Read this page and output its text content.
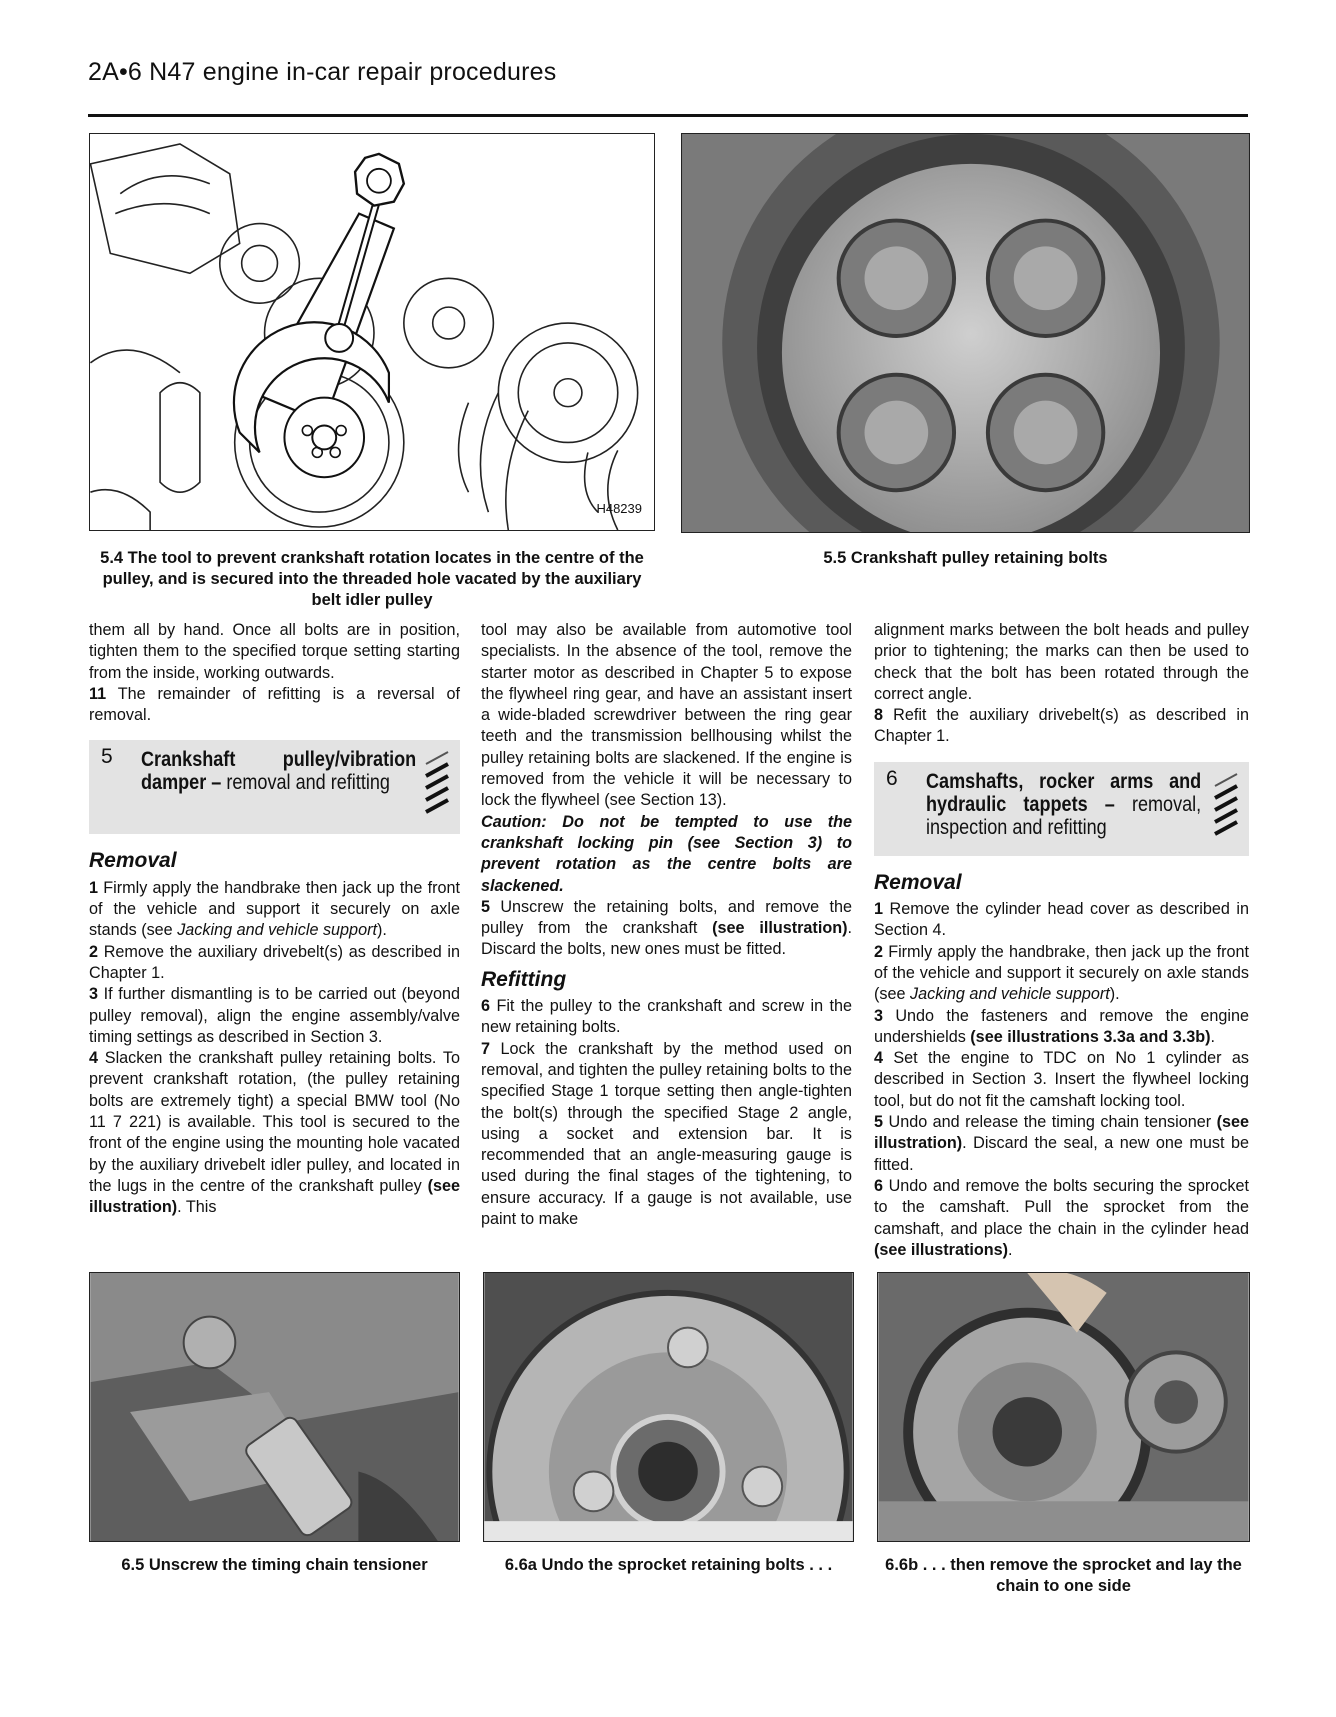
2A•6 N47 engine in-car repair procedures
H48239
5.4 The tool to prevent crankshaft rotation locates in the centre of the pulley, and is secured into the threaded hole vacated by the auxiliary belt idler pulley
5.5 Crankshaft pulley retaining bolts

them all by hand. Once all bolts are in position, tighten them to the specified torque setting starting from the inside, working outwards.

11 The remainder of refitting is a reversal of removal.

5 Crankshaft pulley/vibration damper – removal and refitting
Removal

1 Firmly apply the handbrake then jack up the front of the vehicle and support it securely on axle stands (see Jacking and vehicle support).

2 Remove the auxiliary drivebelt(s) as described in Chapter 1.

3 If further dismantling is to be carried out (beyond pulley removal), align the engine assembly/valve timing settings as described in Section 3.

4 Slacken the crankshaft pulley retaining bolts. To prevent crankshaft rotation, (the pulley retaining bolts are extremely tight) a special BMW tool (No 11 7 221) is available. This tool is secured to the front of the engine using the mounting hole vacated by the auxiliary drivebelt idler pulley, and located in the lugs in the centre of the crankshaft pulley (see illustration). This

tool may also be available from automotive tool specialists. In the absence of the tool, remove the starter motor as described in Chapter 5 to expose the flywheel ring gear, and have an assistant insert a wide-bladed screwdriver between the ring gear teeth and the transmission bellhousing whilst the pulley retaining bolts are slackened. If the engine is removed from the vehicle it will be necessary to lock the flywheel (see Section 13).

Caution: Do not be tempted to use the crankshaft locking pin (see Section 3) to prevent rotation as the centre bolts are slackened.

5 Unscrew the retaining bolts, and remove the pulley from the crankshaft (see illustration). Discard the bolts, new ones must be fitted.

Refitting

6 Fit the pulley to the crankshaft and screw in the new retaining bolts.

7 Lock the crankshaft by the method used on removal, and tighten the pulley retaining bolts to the specified Stage 1 torque setting then angle-tighten the bolt(s) through the specified Stage 2 angle, using a socket and extension bar. It is recommended that an angle-measuring gauge is used during the final stages of the tightening, to ensure accuracy. If a gauge is not available, use paint to make

alignment marks between the bolt heads and pulley prior to tightening; the marks can then be used to check that the bolt has been rotated through the correct angle.

8 Refit the auxiliary drivebelt(s) as described in Chapter 1.

6 Camshafts, rocker arms and hydraulic tappets – removal, inspection and refitting
Removal

1 Remove the cylinder head cover as described in Section 4.

2 Firmly apply the handbrake, then jack up the front of the vehicle and support it securely on axle stands (see Jacking and vehicle support).

3 Undo the fasteners and remove the engine undershields (see illustrations 3.3a and 3.3b).

4 Set the engine to TDC on No 1 cylinder as described in Section 3. Insert the flywheel locking tool, but do not fit the camshaft locking tool.

5 Undo and release the timing chain tensioner (see illustration). Discard the seal, a new one must be fitted.

6 Undo and remove the bolts securing the sprocket to the camshaft. Pull the sprocket from the camshaft, and place the chain in the cylinder head (see illustrations).

6.5 Unscrew the timing chain tensioner	6.6a Undo the sprocket retaining bolts . . .	6.6b . . . then remove the sprocket and lay the chain to one side
